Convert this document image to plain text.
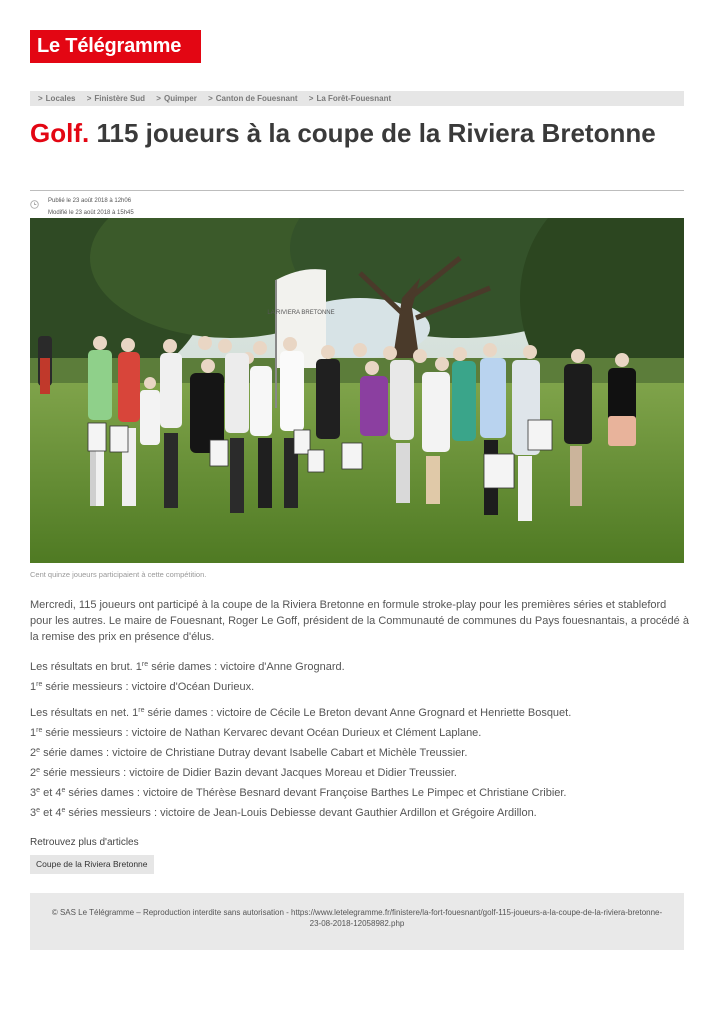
Le Télégramme
> Locales > Finistère Sud > Quimper > Canton de Fouesnant > La Forêt-Fouesnant
Golf. 115 joueurs à la coupe de la Riviera Bretonne
Publié le 23 août 2018 à 12h06
Modifié le 23 août 2018 à 15h45
LA RIVIERA BRETONNE
Cent quinze joueurs participaient à cette compétition.

Mercredi, 115 joueurs ont participé à la coupe de la Riviera Bretonne en formule stroke-play pour les premières séries et stableford pour les autres. Le maire de Fouesnant, Roger Le Goff, président de la Communauté de communes du Pays fouesnantais, a procédé à la remise des prix en présence d'élus.

Les résultats en brut. 1re série dames : victoire d'Anne Grognard.

1re série messieurs : victoire d'Océan Durieux.

Les résultats en net. 1re série dames : victoire de Cécile Le Breton devant Anne Grognard et Henriette Bosquet.

1re série messieurs : victoire de Nathan Kervarec devant Océan Durieux et Clément Laplane.

2e série dames : victoire de Christiane Dutray devant Isabelle Cabart et Michèle Treussier.

2e série messieurs : victoire de Didier Bazin devant Jacques Moreau et Didier Treussier.

3e et 4e séries dames : victoire de Thérèse Besnard devant Françoise Barthes Le Pimpec et Christiane Cribier.

3e et 4e séries messieurs : victoire de Jean-Louis Debiesse devant Gauthier Ardillon et Grégoire Ardillon.

Retrouvez plus d'articles
Coupe de la Riviera Bretonne
© SAS Le Télégramme – Reproduction interdite sans autorisation - https://www.letelegramme.fr/finistere/la-fort-fouesnant/golf-115-joueurs-a-la-coupe-de-la-riviera-bretonne-23-08-2018-12058982.php
